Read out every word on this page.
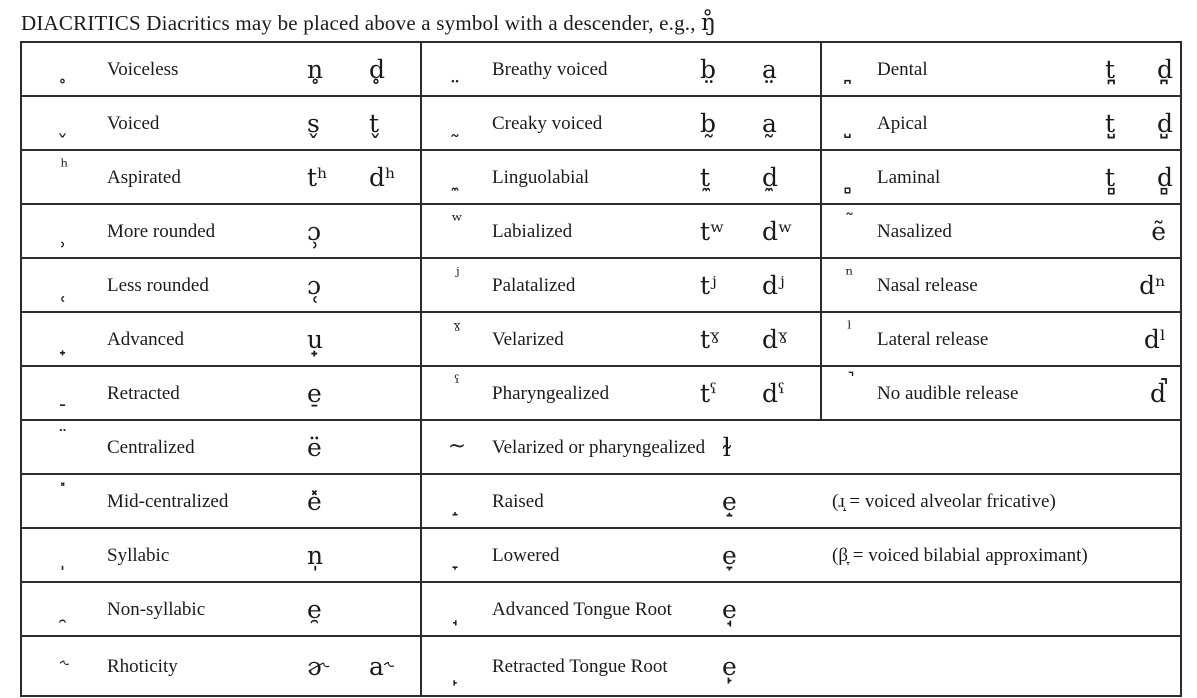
DIACRITICS Diacritics may be placed above a symbol with a descender, e.g., ŋ̊
̥ Voiceless n̥ d̥	̤ Breathy voiced b̤ a̤	̪ Dental t̪ d̪

̬ Voiced s̬ t̬	̰ Creaky voiced b̰ a̰	̺ Apical t̺ d̺

ʰ Aspirated tʰ dʰ	̼ Linguolabial t̼ d̼	̻ Laminal t̻ d̻

̹ More rounded ɔ̹	ʷ Labialized tʷ dʷ	˜ Nasalized ẽ

̜ Less rounded ɔ̜	ʲ Palatalized tʲ dʲ	ⁿ Nasal release dⁿ

̟ Advanced u̟	ˠ Velarized tˠ dˠ	ˡ Lateral release dˡ

̠ Retracted e̠	ˤ Pharyngealized tˤ dˤ	̚ No audible release d̚

̈ Centralized ë	~ Velarized or pharyngealized ɫ	

̽ Mid-centralized e̽	̝ Raised e̝ (ɹ̝ = voiced alveolar fricative)	

̩ Syllabic n̩	̞ Lowered e̞ (β̞ = voiced bilabial approximant)	

̯ Non-syllabic e̯	̘ Advanced Tongue Root e̘	

˞ Rhoticity ɚ a˞	̙ Retracted Tongue Root e̙	
